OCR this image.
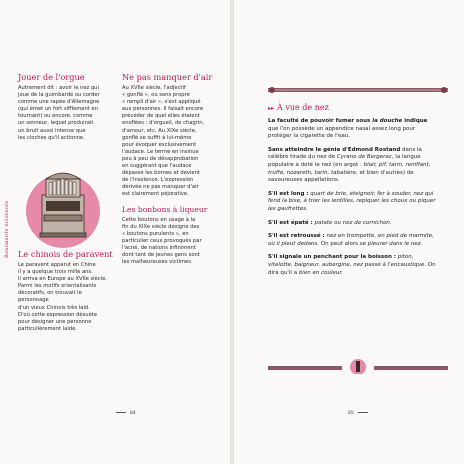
Boniments éclatants
Jouer de l'orgue

Autrement dit : avoir le nez qui

joue de la guimbarde ou corder

comme une rapée d'Allemagne

(qui émet un fort sifflement en

tournant) ou encore, comme

un sonneur, lequel produirait

un bruit aussi intense que

les cloches qu'il actionne.

Le chinois de paravent

Le paravent apparut en Chine

il y a quelque trois mille ans.

Il arriva en Europe au XVIIe siècle.

Parmi les motifs orientalisants

décoratifs, on trouvait le personnage

d'un vieux Chinois très laid.

D'où cette expression désuète

pour désigner une personne

particulièrement laide.

Ne pas manquer d'air

Au XVIIe siècle, l'adjectif

« gonflé », ou sens propre

« rempli d'air », s'est appliqué

aux personnes. Il faisait encore

précéder de quel elles étaient

enoflées : d'orgueil, de chagrin,

d'amour, etc. Au XIXe siècle,

gonflé se suffit à lui-même

pour évoquer exclusivement

l'audace. Le terme en insinue

peu à peu de désapprobation

en suggérant que l'audace

dépasse les bornes et devient

de l'insolence. L'expression

dérivée ne pas manquer d'air

est clairement péjorative.

Les bonbons à liqueur

Cette boutons en usage à la

fin du XIXe siècle désigne des

« boutons purulents », en

particulier ceux provoqués par

l'acné, de nations infiniment

dont tant de jeunes gens sont

les malheureuses victimes.

84
▸▸ À vue de nez

La faculté de pouvoir fumer sous la douche indique que l'on possède un appendice nasal assez long pour protéger la cigarette de l'eau.

Sans atteindre le génie d'Edmond Rostand dans la célèbre tirade du nez de Cyrano de Bergerac, la langue populaire a doté le nez (en argot : blair, pif, tarin, reniflant, truffe, nozareth, tarin, tabatière, et bien d'autres) de savoureuses appellations.

S'il est long : quart de brie, éteignoir, fer à souder, nez qui fend la bise, à trier les lentilles, repiquer les choux ou piquer les gaufrettes.

S'il est épaté : patate ou nez de cornichon.

S'il est retroussé : nez en trompette, en pied de marmite, où il pleut dedans. On peut alors se pleurer dans le nez.

S'il signale un penchant pour la boisson : piton, vitelotte, baigneur, aubergine, nez passé à l'encaustique. On dira qu'il a bien en couleur.

85
